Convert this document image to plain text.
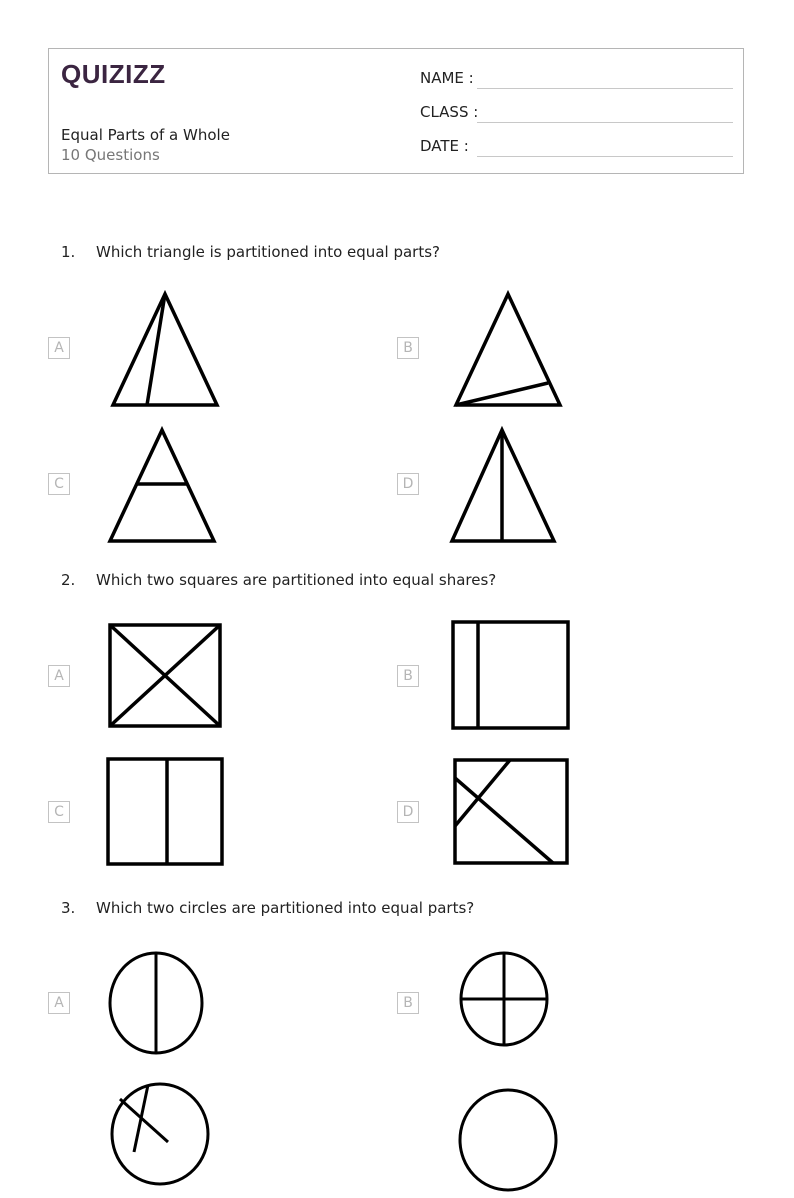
QUIZIZZ
Equal Parts of a Whole
10 Questions
NAME :
CLASS :
DATE :
1. Which triangle is partitioned into equal parts?
A	B
C	D
2. Which two squares are partitioned into equal shares?
A	B
C	D
3. Which two circles are partitioned into equal parts?
A	B
